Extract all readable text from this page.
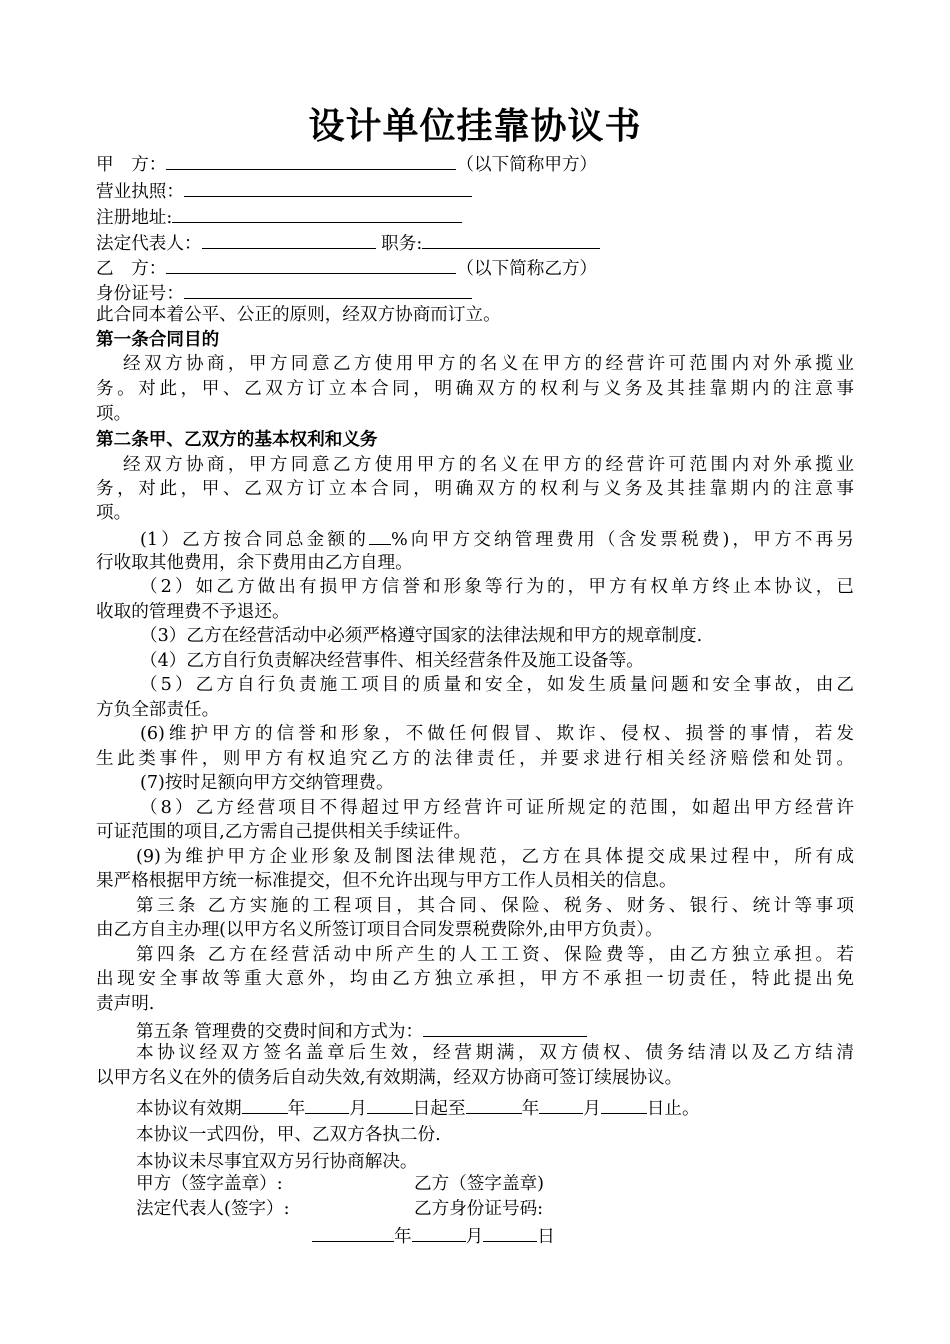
设计单位挂靠协议书
甲　方：	（以下简称甲方）
营业执照：
注册地址:
法定代表人：	职务:
乙　方：	（以下简称乙方）
身份证号：
此合同本着公平、公正的原则，经双方协商而订立。
第一条合同目的
经双方协商，甲方同意乙方使用甲方的名义在甲方的经营许可范围内对外承揽业
务。对此，甲、乙双方订立本合同，明确双方的权利与义务及其挂靠期内的注意事
项。
第二条甲、乙双方的基本权利和义务
经双方协商，甲方同意乙方使用甲方的名义在甲方的经营许可范围内对外承揽业
务，对此，甲、乙双方订立本合同，明确双方的权利与义务及其挂靠期内的注意事
项。
(1）乙方按合同总金额的 %向甲方交纳管理费用（含发票税费)，甲方不再另
行收取其他费用，余下费用由乙方自理。
（2）如乙方做出有损甲方信誉和形象等行为的，甲方有权单方终止本协议，已
收取的管理费不予退还。
（3）乙方在经营活动中必须严格遵守国家的法律法规和甲方的规章制度.
（4）乙方自行负责解决经营事件、相关经营条件及施工设备等。
（5）乙方自行负责施工项目的质量和安全，如发生质量问题和安全事故，由乙
方负全部责任。
(6)维护甲方的信誉和形象，不做任何假冒、欺诈、侵权、损誉的事情，若发
生此类事件，则甲方有权追究乙方的法律责任，并要求进行相关经济赔偿和处罚。
(7)按时足额向甲方交纳管理费。
（8）乙方经营项目不得超过甲方经营许可证所规定的范围，如超出甲方经营许
可证范围的项目,乙方需自己提供相关手续证件。
(9)为维护甲方企业形象及制图法律规范，乙方在具体提交成果过程中，所有成
果严格根据甲方统一标准提交，但不允许出现与甲方工作人员相关的信息。
第三条 乙方实施的工程项目，其合同、保险、税务、财务、银行、统计等事项
由乙方自主办理(以甲方名义所签订项目合同发票税费除外,由甲方负责）。
第四条 乙方在经营活动中所产生的人工工资、保险费等，由乙方独立承担。若
出现安全事故等重大意外，均由乙方独立承担，甲方不承担一切责任，特此提出免
责声明.
第五条 管理费的交费时间和方式为：
本协议经双方签名盖章后生效，经营期满，双方债权、债务结清以及乙方结清
以甲方名义在外的债务后自动失效,有效期满，经双方协商可签订续展协议。
本协议有效期	年	月	日起至	年	月	日止。
本协议一式四份，甲、乙双方各执二份.
本协议未尽事宜双方另行协商解决。
甲方（签字盖章）:	乙方（签字盖章)
法定代表人(签字）:	乙方身份证号码:
年	月	日
